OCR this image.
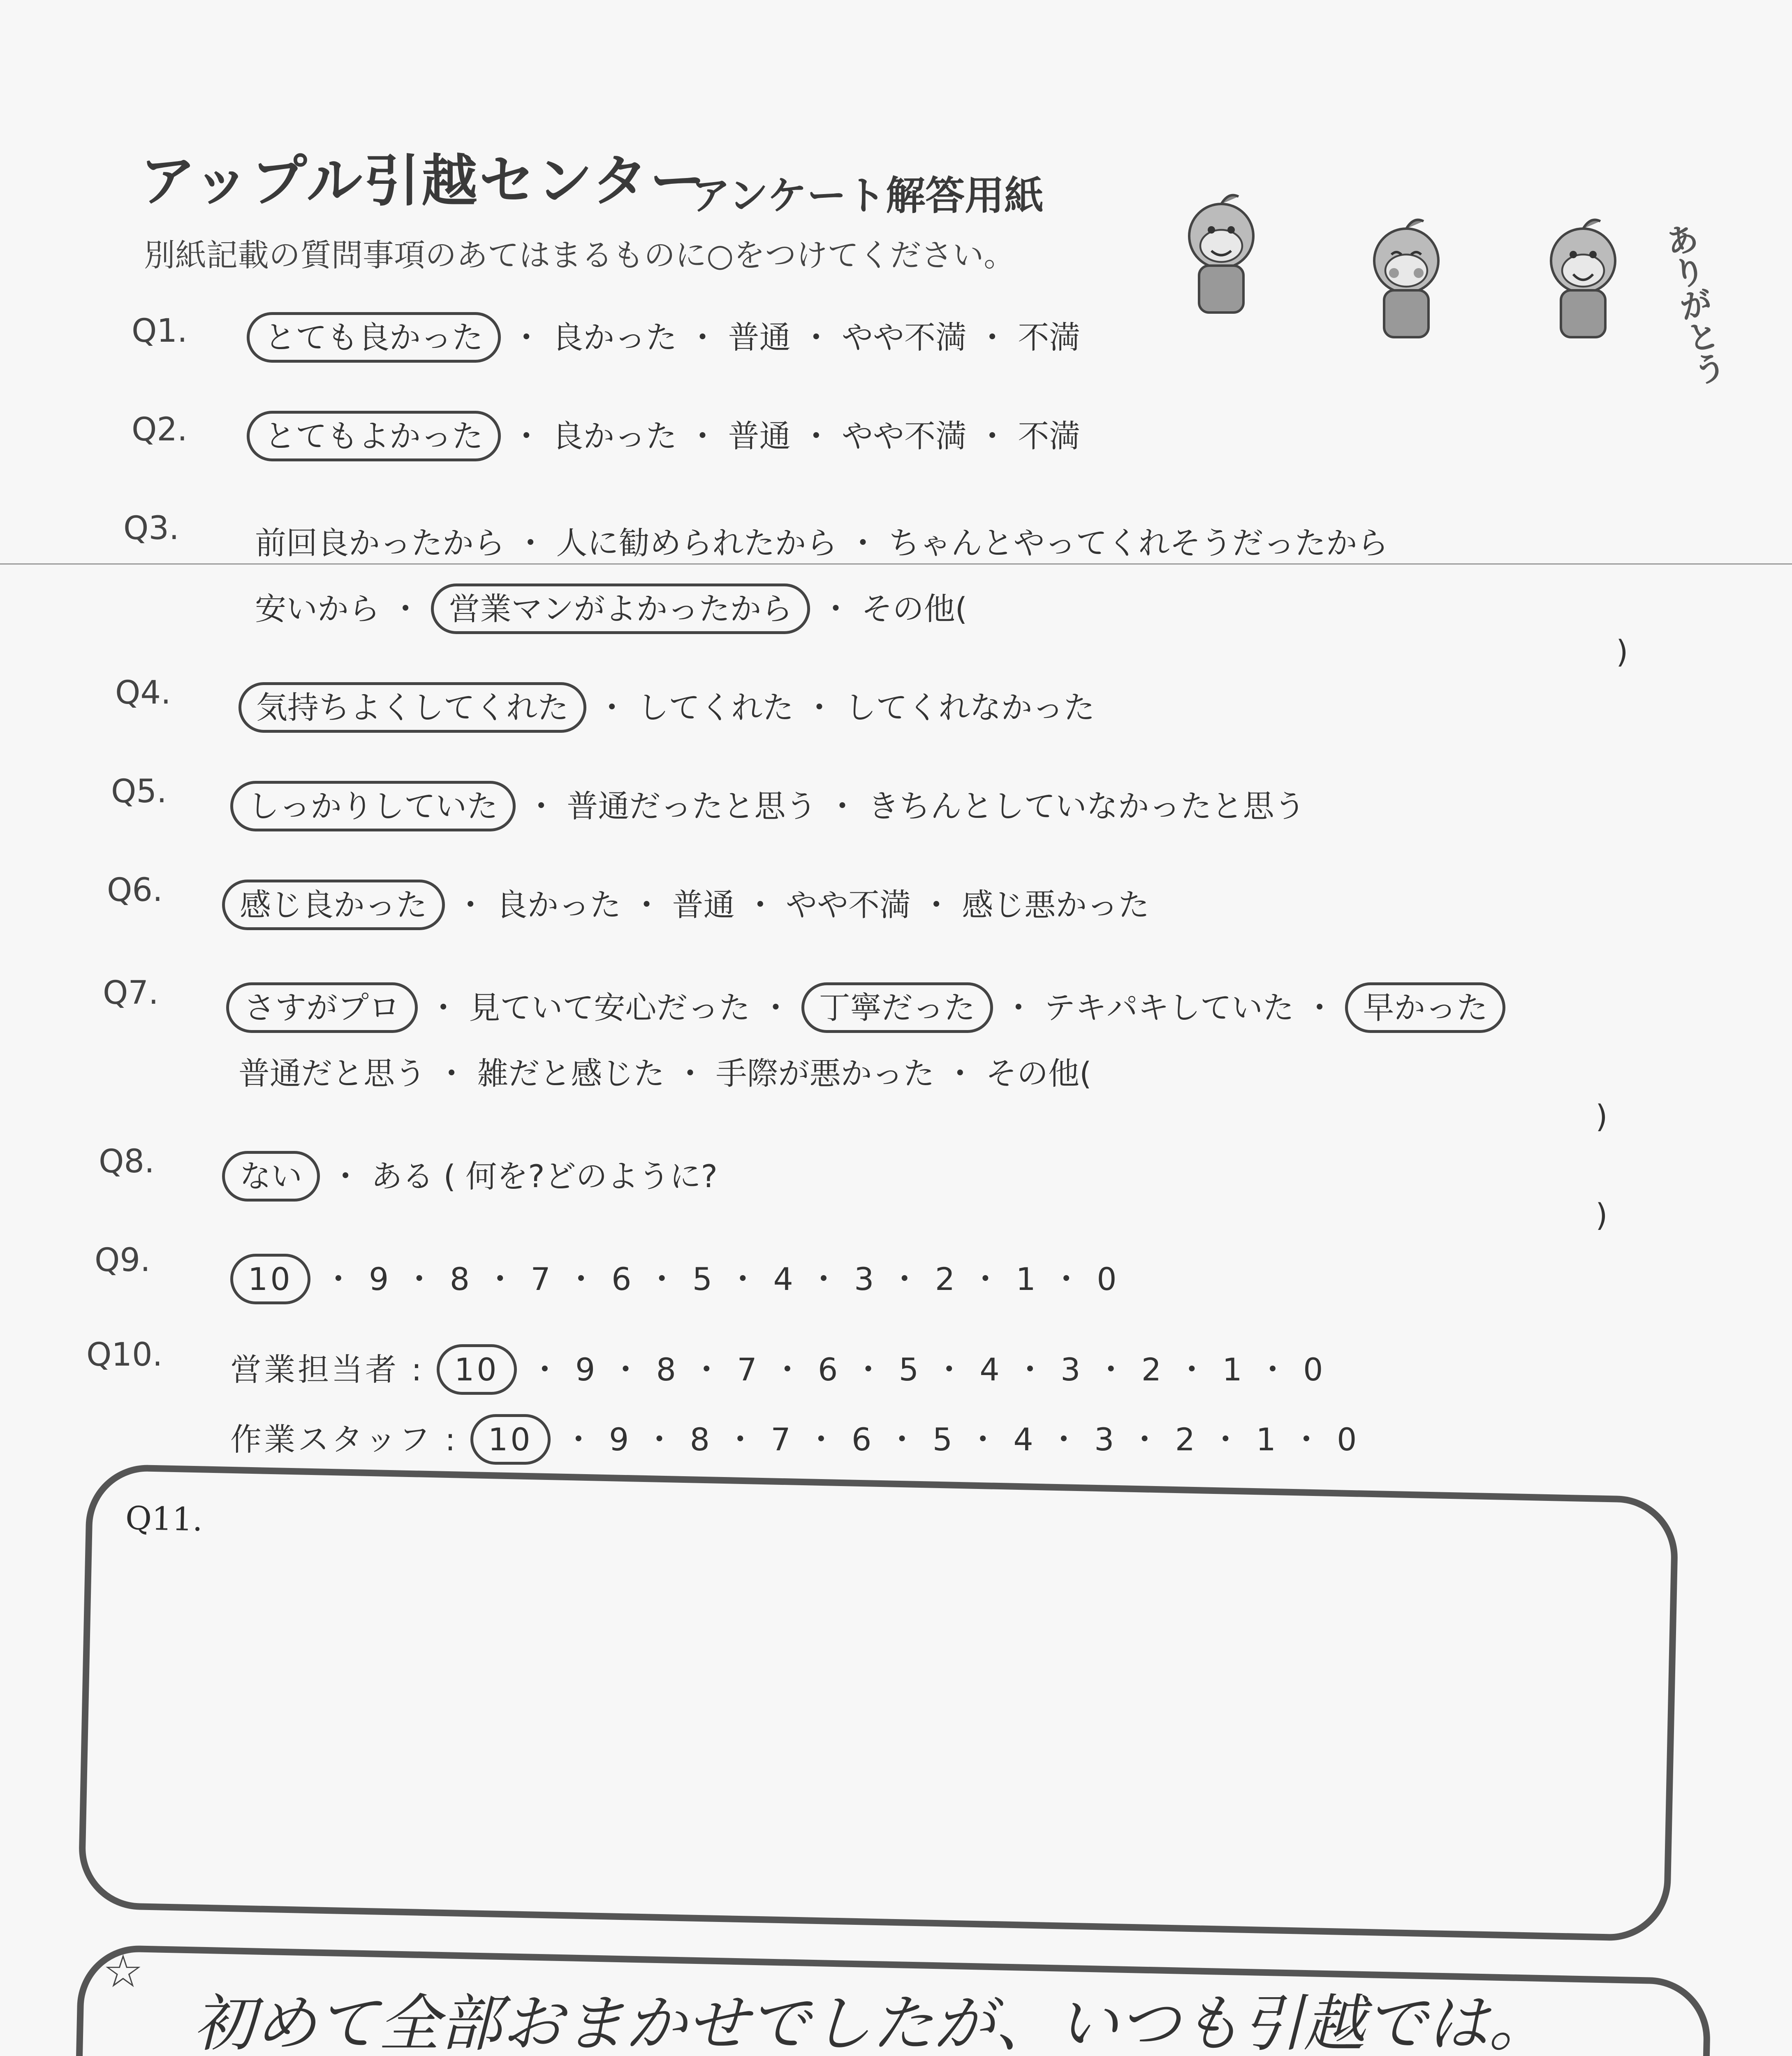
アップル引越センター
アンケート解答用紙
別紙記載の質問事項のあてはまるものに○をつけてください。	ありがとう
Q1.	とても良かった ・ 良かった ・ 普通 ・ やや不満 ・ 不満
Q2.	とてもよかった ・ 良かった ・ 普通 ・ やや不満 ・ 不満
Q3. 前回良かったから ・ 人に勧められたから ・ ちゃんとやってくれそうだったから
安いから ・ 営業マンがよかったから ・ その他(
)
Q4.	気持ちよくしてくれた ・ してくれた ・ してくれなかった
Q5.	しっかりしていた ・ 普通だったと思う ・ きちんとしていなかったと思う
Q6.	感じ良かった ・ 良かった ・ 普通 ・ やや不満 ・ 感じ悪かった
Q7.	さすがプロ ・ 見ていて安心だった ・ 丁寧だった ・ テキパキしていた ・ 早かった
普通だと思う ・ 雑だと感じた ・ 手際が悪かった ・ その他(
)
Q8.	ない ・ ある ( 何を?どのように?
)
Q9.
10 ・ 9 ・ 8 ・ 7 ・ 6 ・ 5 ・ 4 ・ 3 ・ 2 ・ 1 ・ 0
Q10. 営業担当者 : 10 ・ 9 ・ 8 ・ 7 ・ 6 ・ 5 ・ 4 ・ 3 ・ 2 ・ 1 ・ 0
作業スタッフ : 10 ・ 9 ・ 8 ・ 7 ・ 6 ・ 5 ・ 4 ・ 3 ・ 2 ・ 1 ・ 0
Q11.
☆
初めて全部おまかせでしたが、いつも引越では。
